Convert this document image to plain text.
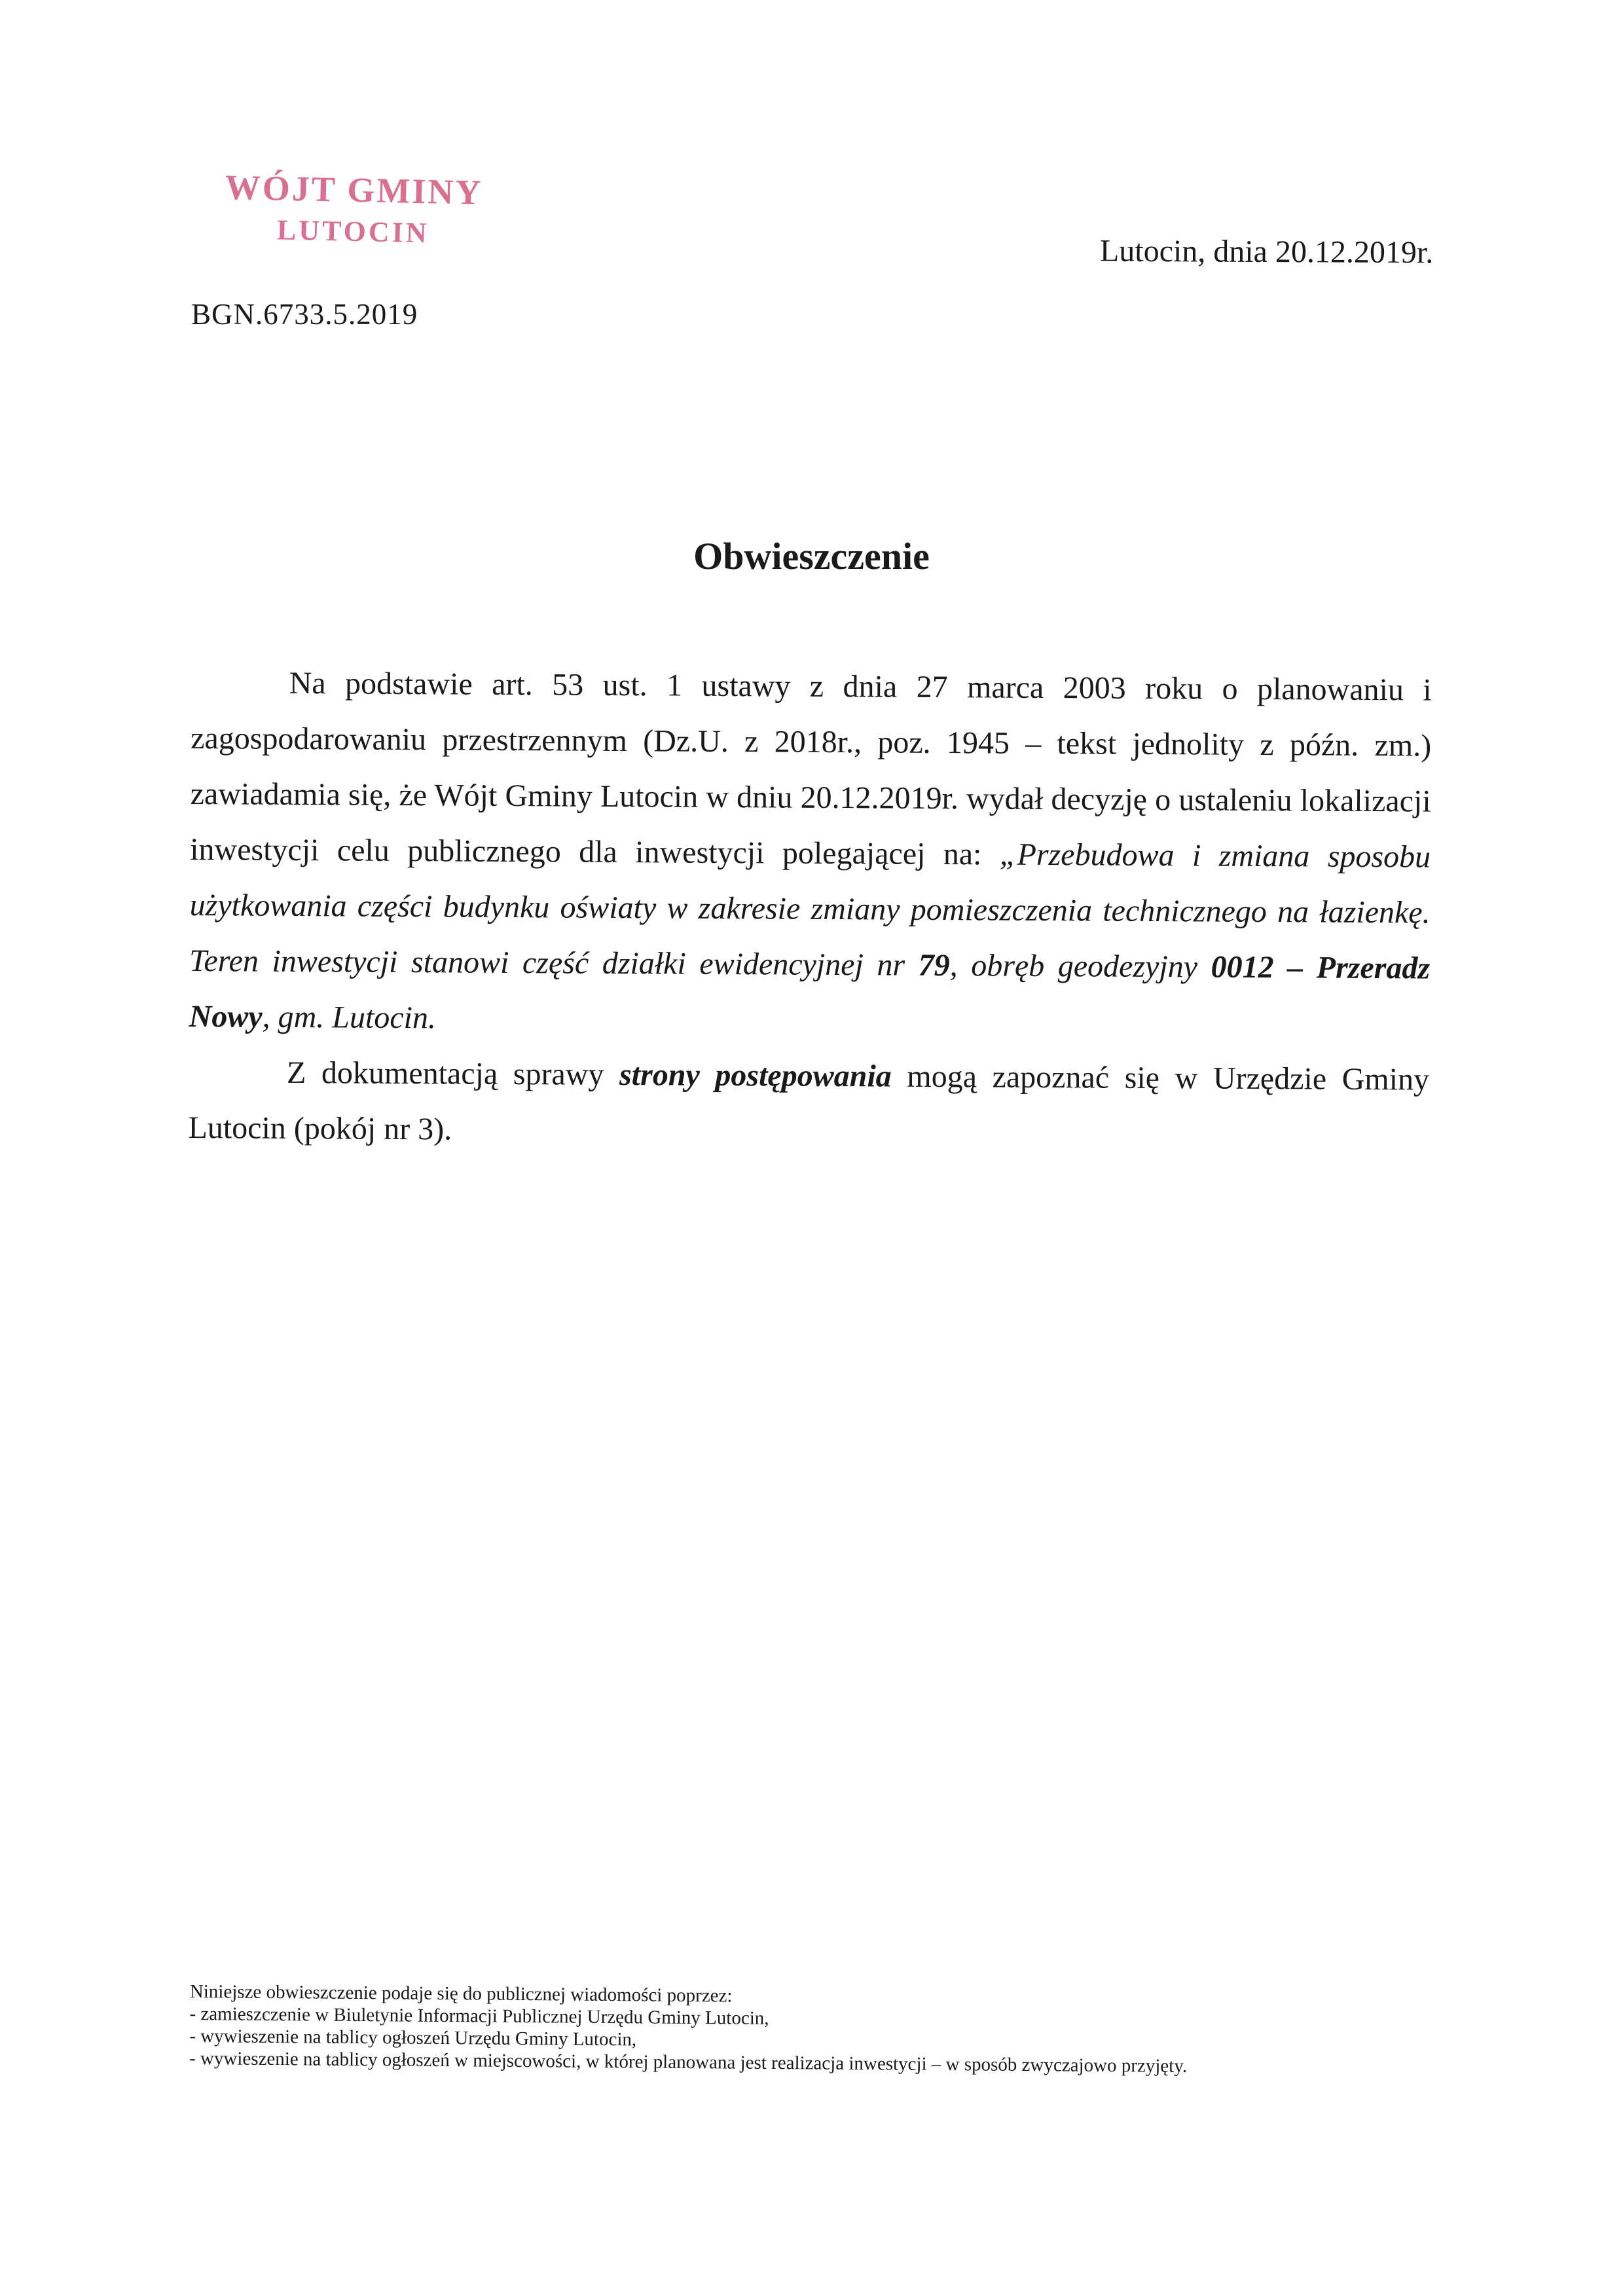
WÓJT GMINY
LUTOCIN
Lutocin, dnia 20.12.2019r.
BGN.6733.5.2019
Obwieszczenie

Na podstawie art. 53 ust. 1 ustawy z dnia 27 marca 2003 roku o planowaniu i zagospodarowaniu przestrzennym (Dz.U. z 2018r., poz. 1945 – tekst jednolity z późn. zm.) zawiadamia się, że Wójt Gminy Lutocin w dniu 20.12.2019r. wydał decyzję o ustaleniu lokalizacji inwestycji celu publicznego dla inwestycji polegającej na: „Przebudowa i zmiana sposobu użytkowania części budynku oświaty w zakresie zmiany pomieszczenia technicznego na łazienkę. Teren inwestycji stanowi część działki ewidencyjnej nr 79, obręb geodezyjny 0012 – Przeradz Nowy, gm. Lutocin.

Z dokumentacją sprawy strony postępowania mogą zapoznać się w Urzędzie Gminy Lutocin (pokój nr 3).

Niniejsze obwieszczenie podaje się do publicznej wiadomości poprzez:
- zamieszczenie w Biuletynie Informacji Publicznej Urzędu Gminy Lutocin,
- wywieszenie na tablicy ogłoszeń Urzędu Gminy Lutocin,
- wywieszenie na tablicy ogłoszeń w miejscowości, w której planowana jest realizacja inwestycji – w sposób zwyczajowo przyjęty.
